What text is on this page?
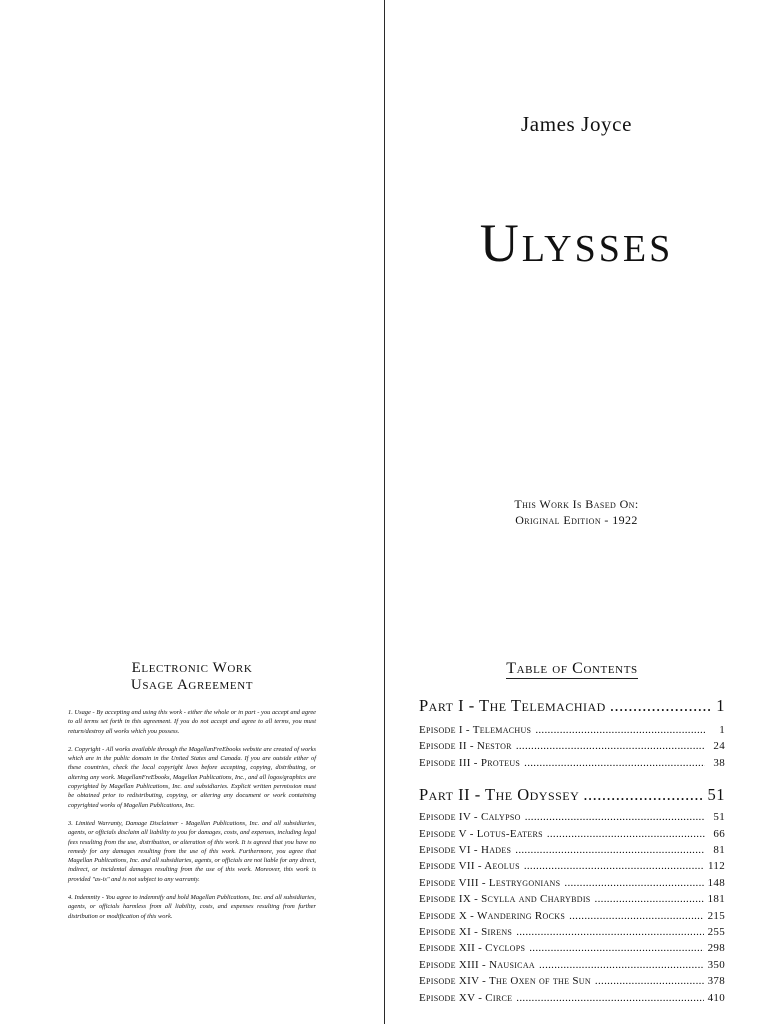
Electronic Work
Usage Agreement

1. Usage - By accepting and using this work - either the whole or in part - you accept and agree to all terms set forth in this agreement. If you do not accept and agree to all terms, you must return/destroy all works which you possess.

2. Copyright - All works available through the MagellanFreEbooks website are created of works which are in the public domain in the United States and Canada. If you are outside either of these countries, check the local copyright laws before accepting, copying, distributing, or altering any work. MagellanFreEbooks, Magellan Publications, Inc., and all logos/graphics are copyrighted by Magellan Publications, Inc. and subsidiaries. Explicit written permission must be obtained prior to redistributing, copying, or altering any document or work containing copyrighted works of Magellan Publications, Inc.

3. Limited Warranty, Damage Disclaimer - Magellan Publications, Inc. and all subsidiaries, agents, or officials disclaim all liability to you for damages, costs, and expenses, including legal fees resulting from the use, distribution, or alteration of this work. It is agreed that you have no remedy for any damages resulting from the use of this work. Furthermore, you agree that Magellan Publications, Inc. and all subsidiaries, agents, or officials are not liable for any direct, indirect, or incidental damages resulting from the use of this work. Moreover, this work is provided "as-is" and is not subject to any warranty.

4. Indemnity - You agree to indemnify and hold Magellan Publications, Inc. and all subsidiaries, agents, or officials harmless from all liability, costs, and expenses resulting from further distribution or modification of this work.

James Joyce
Ulysses
This Work Is Based On:
Original Edition - 1922
Table of Contents
Part I - The Telemachiad .....	1
Episode I - Telemachus .....	1
Episode II - Nestor .....	24
Episode III - Proteus .....	38
Part II - The Odyssey .....	51
Episode IV - Calypso .....	51
Episode V - Lotus-Eaters .....	66
Episode VI - Hades .....	81
Episode VII - Aeolus .....	112
Episode VIII - Lestrygonians .....	148
Episode IX - Scylla and Charybdis .....	181
Episode X - Wandering Rocks .....	215
Episode XI - Sirens .....	255
Episode XII - Cyclops .....	298
Episode XIII - Nausicaa .....	350
Episode XIV - The Oxen of the Sun .....	378
Episode XV - Circe .....	410
